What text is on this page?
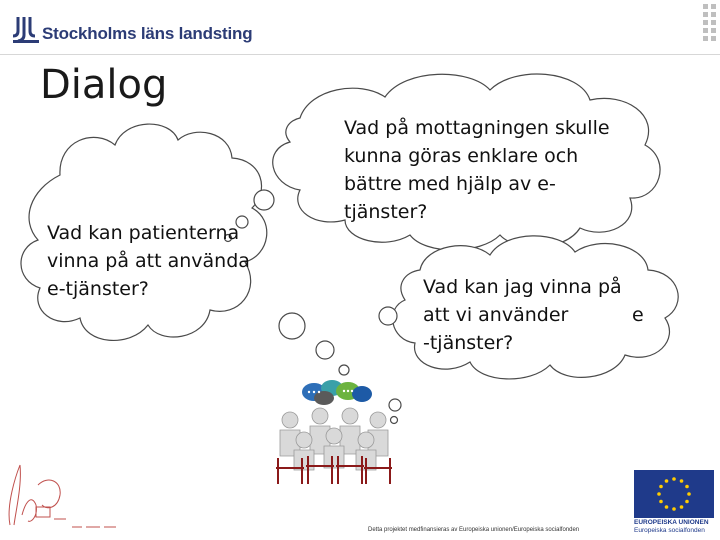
Stockholms läns landsting
Dialog
Vad kan patienterna
vinna på att använda
e-tjänster?
Vad på mottagningen skulle
kunna göras enklare och
bättre med hjälp av e-
tjänster?
Vad kan jag vinna på
att vi använder
-tjänster?
e
Detta projektet medfinansieras av Europeiska unionen/Europeiska socialfonden
EUROPEISKA UNIONEN
Europeiska socialfonden
